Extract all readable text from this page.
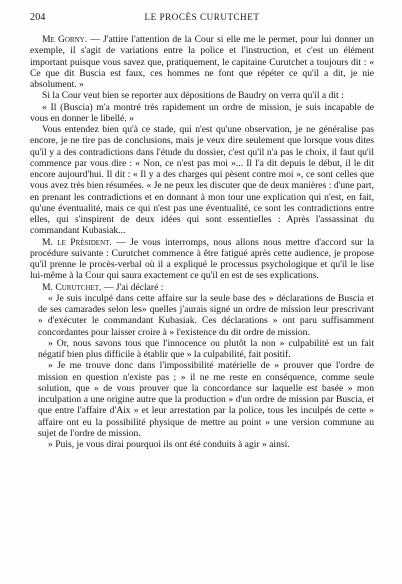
204	LE PROCÈS CURUTCHET

Me Gorny. — J'attire l'attention de la Cour si elle me le permet, pour lui donner un exemple, il s'agit de variations entre la police et l'instruction, et c'est un élément important puisque vous savez que, pratiquement, le capitaine Curutchet a toujours dit : « Ce que dit Buscia est faux, ces hommes ne font que répéter ce qu'il a dit, je nie absolument. »

Si la Cour veut bien se reporter aux dépositions de Baudry on verra qu'il a dit :

« Il (Buscia) m'a montré très rapidement un ordre de mission, je suis incapable de vous en donner le libellé. »

Vous entendez bien qu'à ce stade, qui n'est qu'une observation, je ne généralise pas encore, je ne tire pas de conclusions, mais je veux dire seulement que lorsque vous dites qu'il y a des contradictions dans l'étude du dossier, c'est qu'il n'a pas le choix, il faut qu'il commence par vous dire : « Non, ce n'est pas moi »... Il l'a dit depuis le début, il le dit encore aujourd'hui. Il dit : « Il y a des charges qui pèsent contre moi », ce sont celles que vous avez très bien résumées. « Je ne peux les discuter que de deux manières : d'une part, en prenant les contradictions et en donnant à mon tour une explication qui n'est, en fait, qu'une éventualité, mais ce qui n'est pas une éventualité, ce sont les contradictions entre elles, qui s'inspirent de deux idées qui sont essentielles : Après l'assassinat du commandant Kubasiak...

M. le Président. — Je vous interromps, nous allons nous mettre d'accord sur la procédure suivante : Curutchet commence à être fatigué après cette audience, je propose qu'il prenne le procès-verbal où il a expliqué le processus psychologique et qu'il le lise lui-même à la Cour qui saura exactement ce qu'il en est de ses explications.

M. Curutchet. — J'ai déclaré :

« Je suis inculpé dans cette affaire sur la seule base des » déclarations de Buscia et de ses camarades selon les» quelles j'aurais signé un ordre de mission leur prescrivant » d'exécuter le commandant Kubasiak. Ces déclarations » ont paru suffisamment concordantes pour laisser croire à » l'existence du dit ordre de mission.

» Or, nous savons tous que l'innocence ou plutôt la non » culpabilité est un fait négatif bien plus difficile à établir que » la culpabilité, fait positif.

» Je me trouve donc dans l'impossibilité matérielle de » prouver que l'ordre de mission en question n'existe pas ; » il ne me reste en conséquence, comme seule solution, que » de vous prouver que la concordance sur laquelle est basée » mon inculpation a une origine autre que la production » d'un ordre de mission par Buscia, et que entre l'affaire d'Aix » et leur arrestation par la police, tous les inculpés de cette » affaire ont eu la possibilité physique de mettre au point » une version commune au sujet de l'ordre de mission.

» Puis, je vous dirai pourquoi ils ont été conduits à agir » ainsi.
